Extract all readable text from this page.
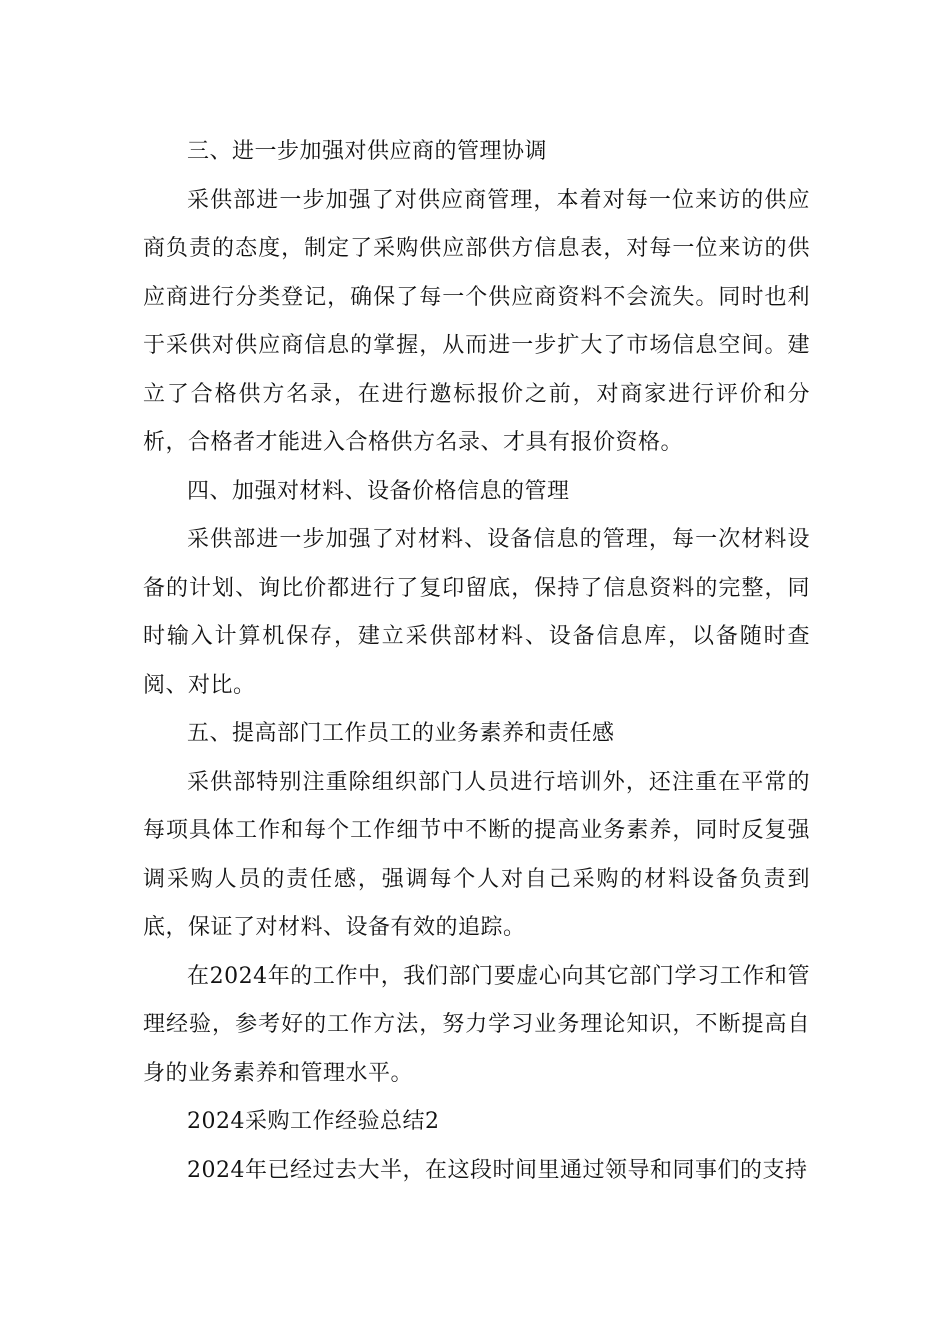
三、进一步加强对供应商的管理协调

采供部进一步加强了对供应商管理，本着对每一位来访的供应商负责的态度，制定了采购供应部供方信息表，对每一位来访的供应商进行分类登记，确保了每一个供应商资料不会流失。同时也利于采供对供应商信息的掌握，从而进一步扩大了市场信息空间。建立了合格供方名录，在进行邀标报价之前，对商家进行评价和分析，合格者才能进入合格供方名录、才具有报价资格。

四、加强对材料、设备价格信息的管理

采供部进一步加强了对材料、设备信息的管理，每一次材料设备的计划、询比价都进行了复印留底，保持了信息资料的完整，同时输入计算机保存，建立采供部材料、设备信息库，以备随时查阅、对比。

五、提高部门工作员工的业务素养和责任感

采供部特别注重除组织部门人员进行培训外，还注重在平常的每项具体工作和每个工作细节中不断的提高业务素养，同时反复强调采购人员的责任感，强调每个人对自己采购的材料设备负责到底，保证了对材料、设备有效的追踪。

在2024年的工作中，我们部门要虚心向其它部门学习工作和管理经验，参考好的工作方法，努力学习业务理论知识，不断提高自身的业务素养和管理水平。

2024采购工作经验总结2

2024年已经过去大半，在这段时间里通过领导和同事们的支持
